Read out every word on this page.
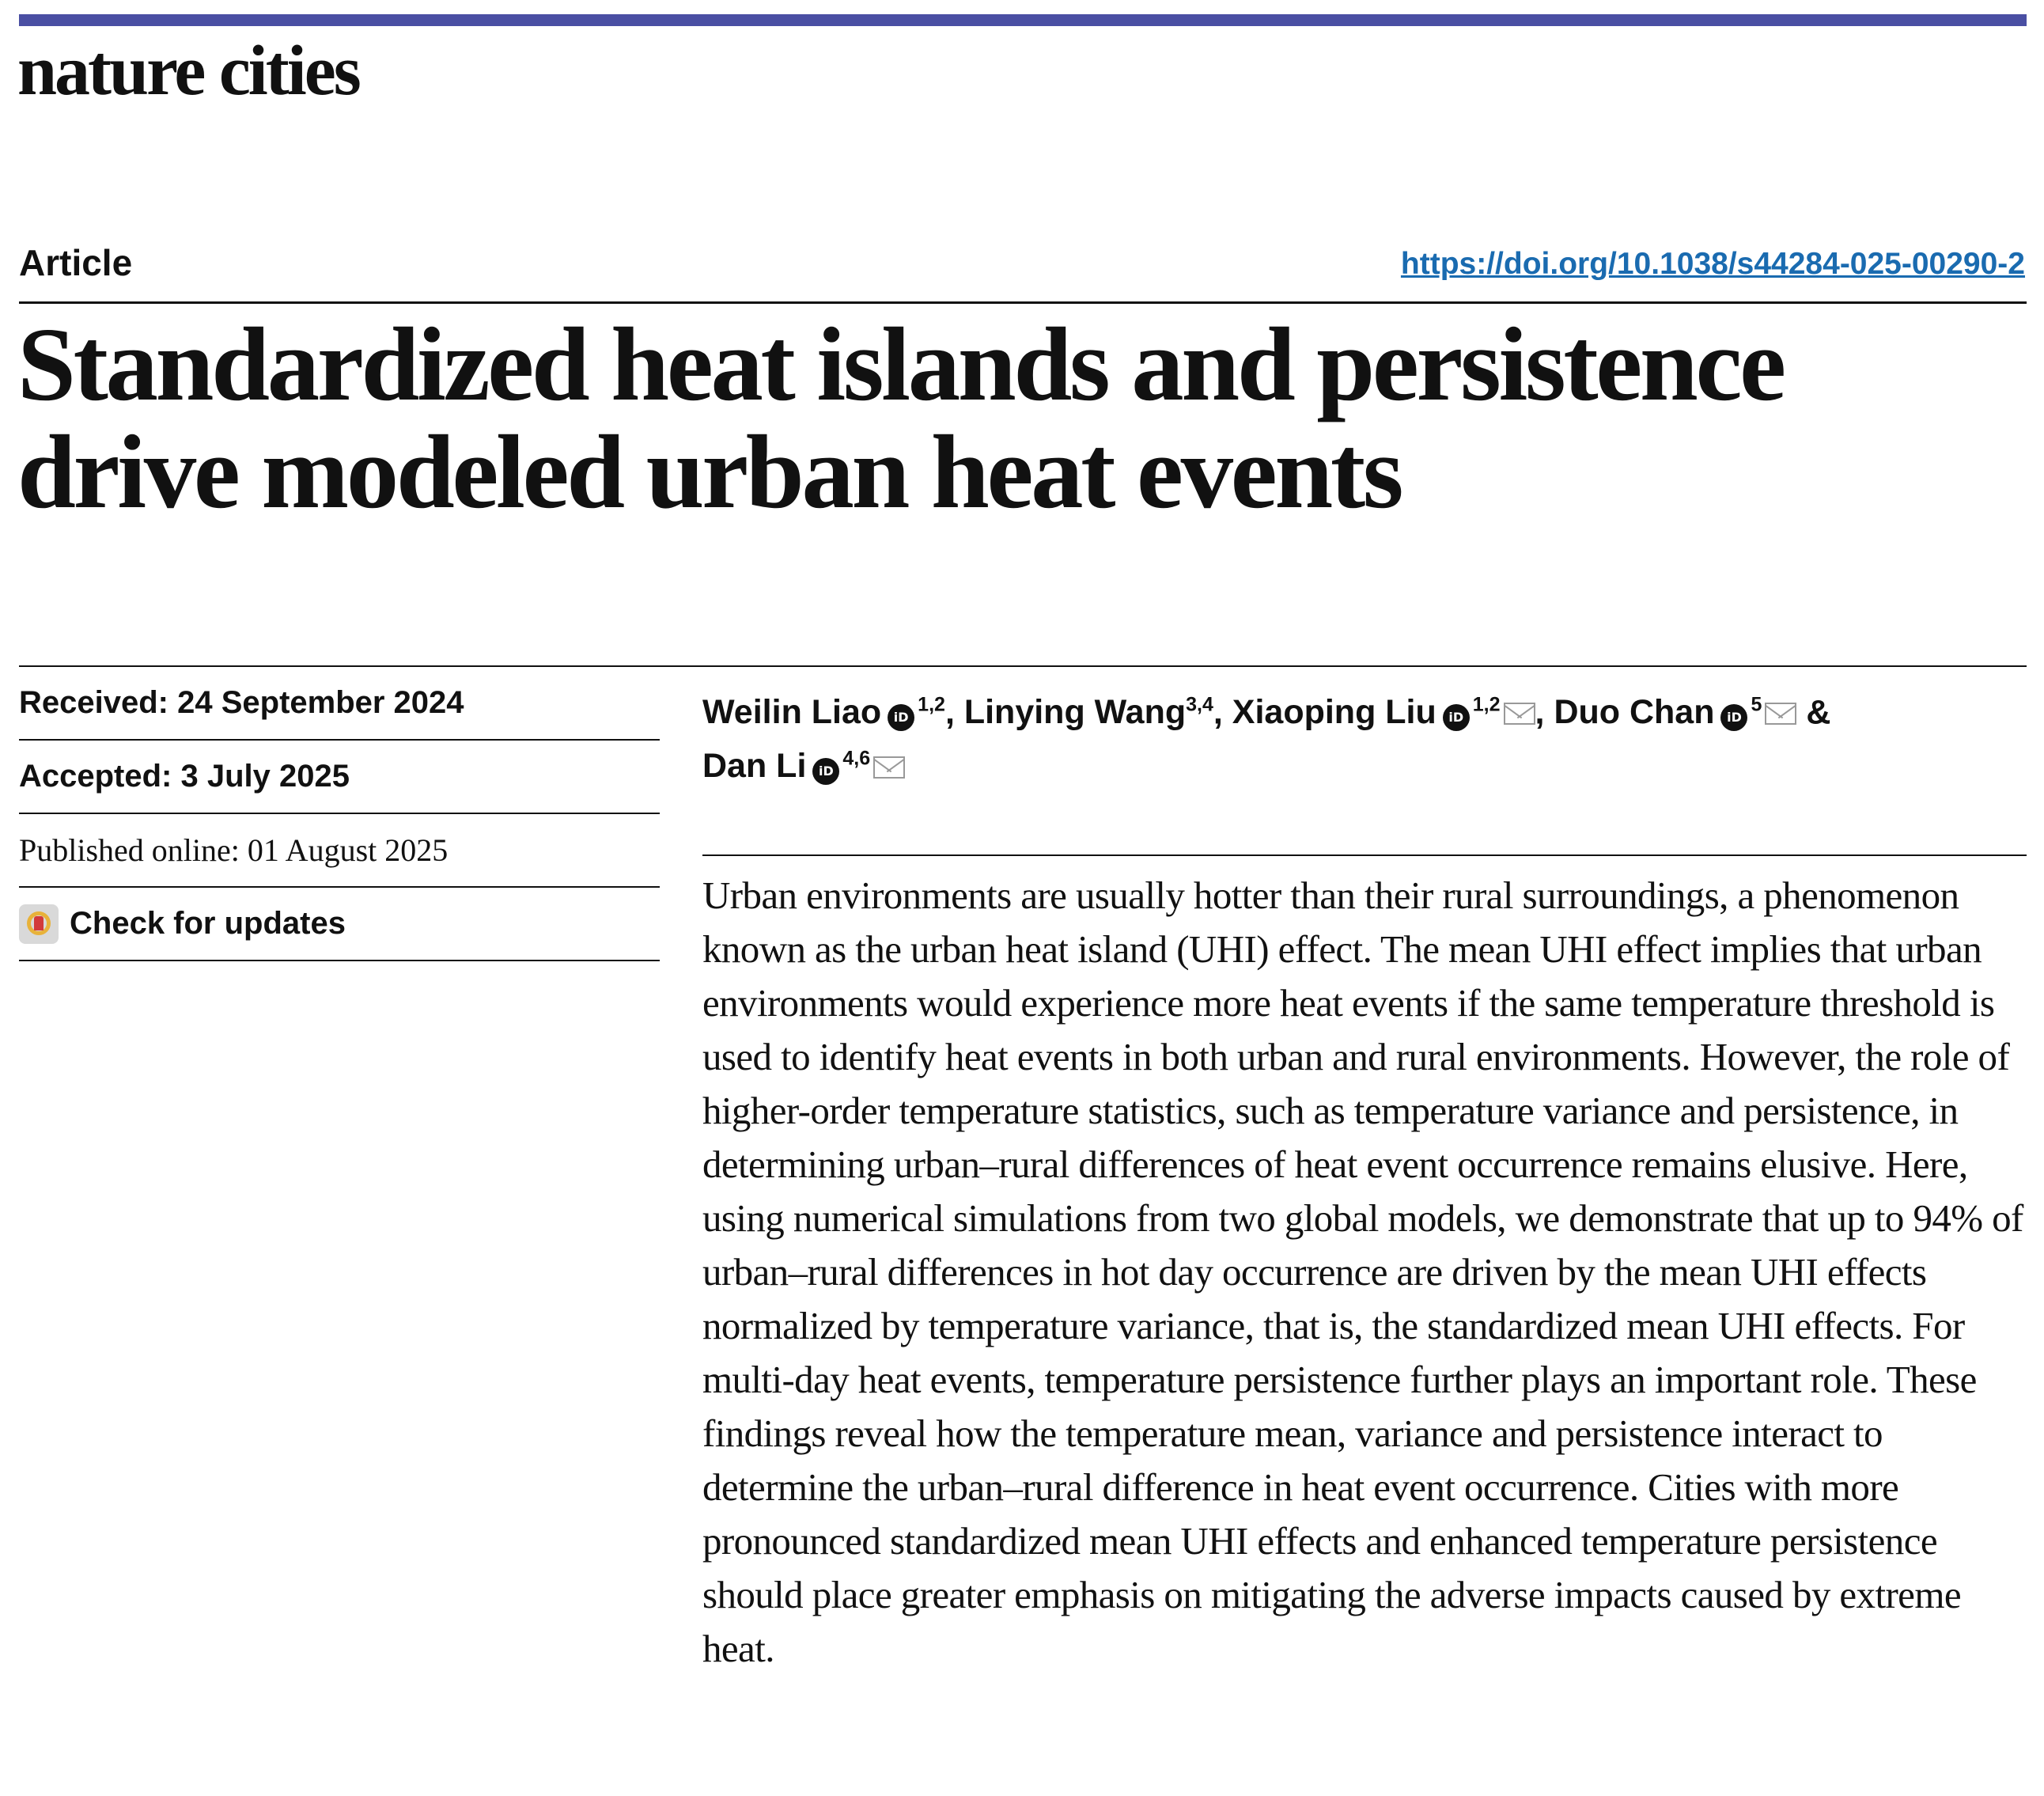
nature cities
Article	https://doi.org/10.1038/s44284-025-00290-2
Standardized heat islands and persistence drive modeled urban heat events
Received: 24 September 2024
Accepted: 3 July 2025
Published online: 01 August 2025
Check for updates
Weilin Liao iD$^{1,2}$, Linying Wang$^{3,4}$, Xiaoping Liu iD$^{1,2}$ , Duo Chan $iD^5$ &
Dan Li iD$^{4,6}$

Urban environments are usually hotter than their rural surroundings, a phenomenon known as the urban heat island (UHI) effect. The mean UHI effect implies that urban environments would experience more heat events if the same temperature threshold is used to identify heat events in both urban and rural environments. However, the role of higher-order temperature statistics, such as temperature variance and persistence, in determining urban–rural differences of heat event occurrence remains elusive. Here, using numerical simulations from two global models, we demonstrate that up to 94% of urban–rural differences in hot day occurrence are driven by the mean UHI effects normalized by temperature variance, that is, the standardized mean UHI effects. For multi-day heat events, temperature persistence further plays an important role. These findings reveal how the temperature mean, variance and persistence interact to determine the urban–rural difference in heat event occurrence. Cities with more pronounced standardized mean UHI effects and enhanced temperature persistence should place greater emphasis on mitigating the adverse impacts caused by extreme heat.
